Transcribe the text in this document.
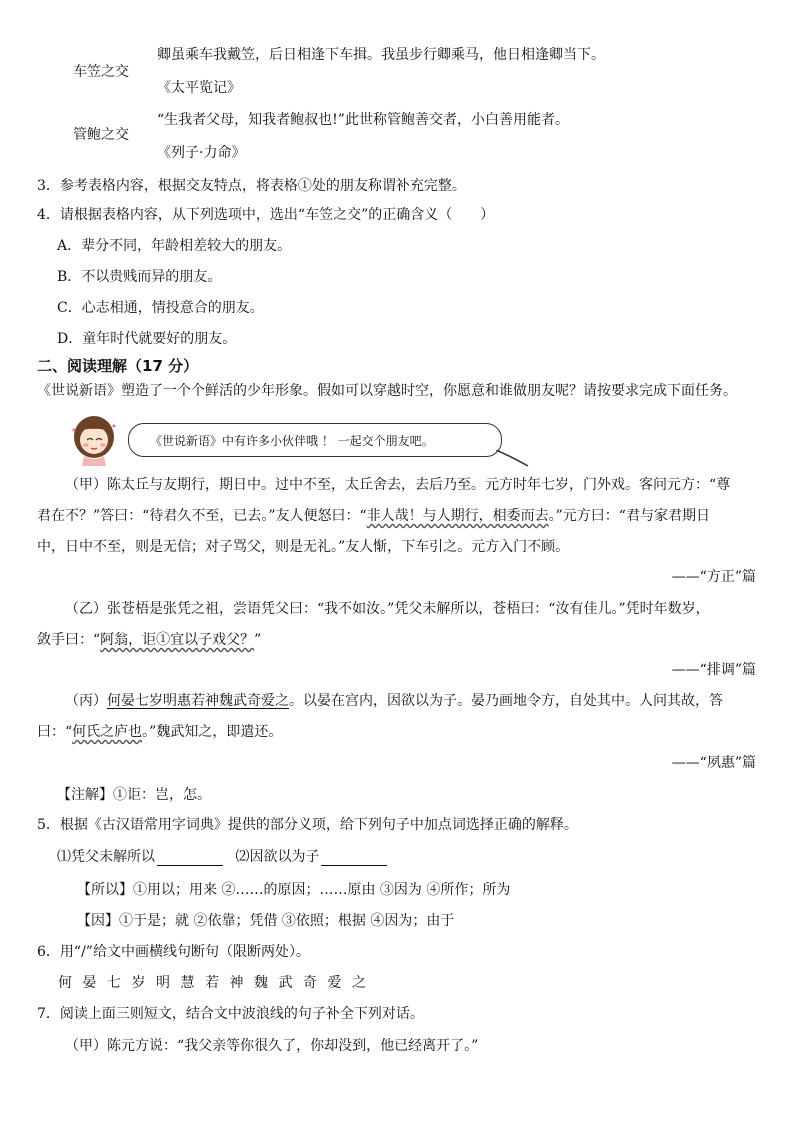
车笠之交
卿虽乘车我戴笠，后日相逢下车揖。我虽步行卿乘马，他日相逢卿当下。
《太平览记》
管鲍之交
“生我者父母，知我者鲍叔也!”此世称管鲍善交者，小白善用能者。
《列子·力命》
3．参考表格内容，根据交友特点，将表格①处的朋友称谓补充完整。
4．请根据表格内容，从下列选项中，选出“车笠之交”的正确含义（　　）
A．辈分不同，年龄相差较大的朋友。
B．不以贵贱而异的朋友。
C．心志相通，情投意合的朋友。
D．童年时代就要好的朋友。
二、阅读理解（17 分）
《世说新语》塑造了一个个鲜活的少年形象。假如可以穿越时空，你愿意和谁做朋友呢？请按要求完成下面任务。
《世说新语》中有许多小伙伴哦 ！ 一起交个朋友吧。
（甲）陈太丘与友期行，期日中。过中不至，太丘舍去，去后乃至。元方时年七岁，门外戏。客问元方：“尊
君在不？”答曰：“待君久不至，已去。”友人便怒曰：“非人哉！与人期行，相委而去。”元方曰：“君与家君期日
中，日中不至，则是无信；对子骂父，则是无礼。”友人惭，下车引之。元方入门不顾。
——“方正”篇
（乙）张苍梧是张凭之祖，尝语凭父曰：“我不如汝。”凭父未解所以，苍梧曰：“汝有佳儿。”凭时年数岁，
敛手曰：“阿翁，讵①宜以子戏父？”
——“排调”篇
（丙）何晏七岁明惠若神魏武奇爱之。以晏在宫内，因欲以为子。晏乃画地令方，自处其中。人问其故，答
曰：“何氏之庐也。”魏武知之，即遣还。
——“夙惠”篇
【注解】①讵：岂，怎。
5．根据《古汉语常用字词典》提供的部分义项，给下列句子中加点词选择正确的解释。
⑴凭父未解所以	⑵因欲以为子
【所以】①用以；用来 ②……的原因；……原由 ③因为 ④所作；所为
【因】①于是；就 ②依靠；凭借 ③依照；根据 ④因为；由于
6．用“/”给文中画横线句断句（限断两处）。
何 晏 七 岁 明 慧 若 神 魏 武 奇 爱 之
7．阅读上面三则短文，结合文中波浪线的句子补全下列对话。
（甲）陈元方说：“我父亲等你很久了，你却没到，他已经离开了。”
